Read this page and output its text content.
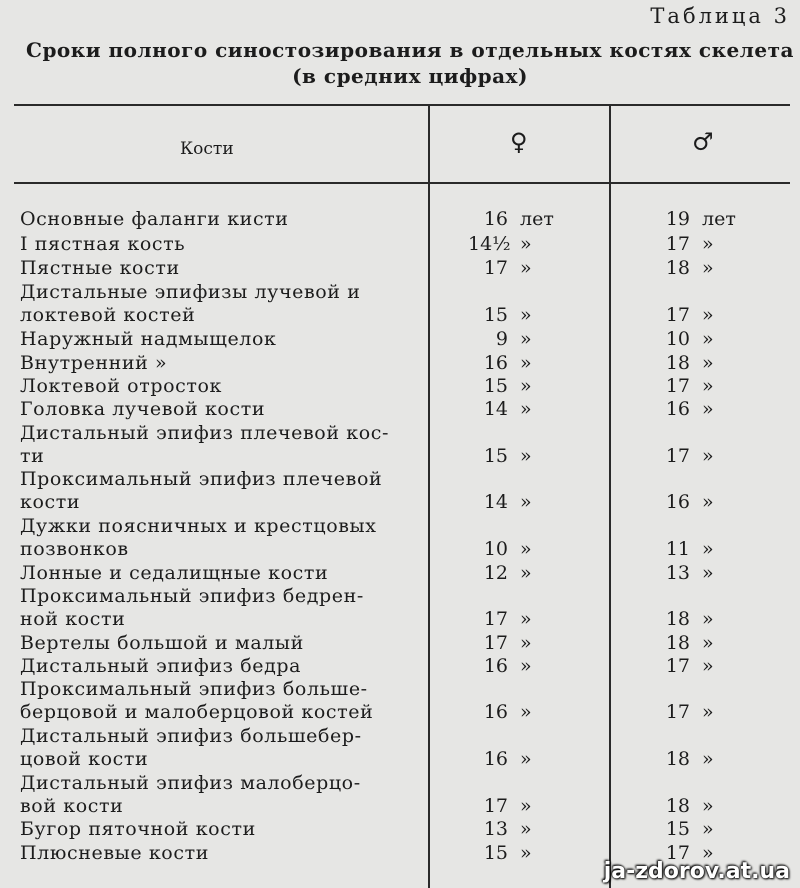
Таблица 3
Сроки полного синостозирования в отдельных костях скелета
(в средних цифрах)
Кости	♀	♂
Основные фаланги кисти	16 лет	19 лет
I пястная кость	14½ »	17 »
Пястные кости	17 »	18 »
Дистальные эпифизы лучевой и
локтевой костей	15 »	17 »
Наружный надмыщелок	9 »	10 »
Внутренний »	16 »	18 »
Локтевой отросток	15 »	17 »
Головка лучевой кости	14 »	16 »
Дистальный эпифиз плечевой кос-
ти	15 »	17 »
Проксимальный эпифиз плечевой
кости	14 »	16 »
Дужки поясничных и крестцовых
позвонков	10 »	11 »
Лонные и седалищные кости	12 »	13 »
Проксимальный эпифиз бедрен-
ной кости	17 »	18 »
Вертелы большой и малый	17 »	18 »
Дистальный эпифиз бедра	16 »	17 »
Проксимальный эпифиз больше-
берцовой и малоберцовой костей	16 »	17 »
Дистальный эпифиз большебер-
цовой кости	16 »	18 »
Дистальный эпифиз малоберцо-
вой кости	17 »	18 »
Бугор пяточной кости	13 »	15 »
Плюсневые кости	15 »	17 »
ja-zdorov.at.ua
